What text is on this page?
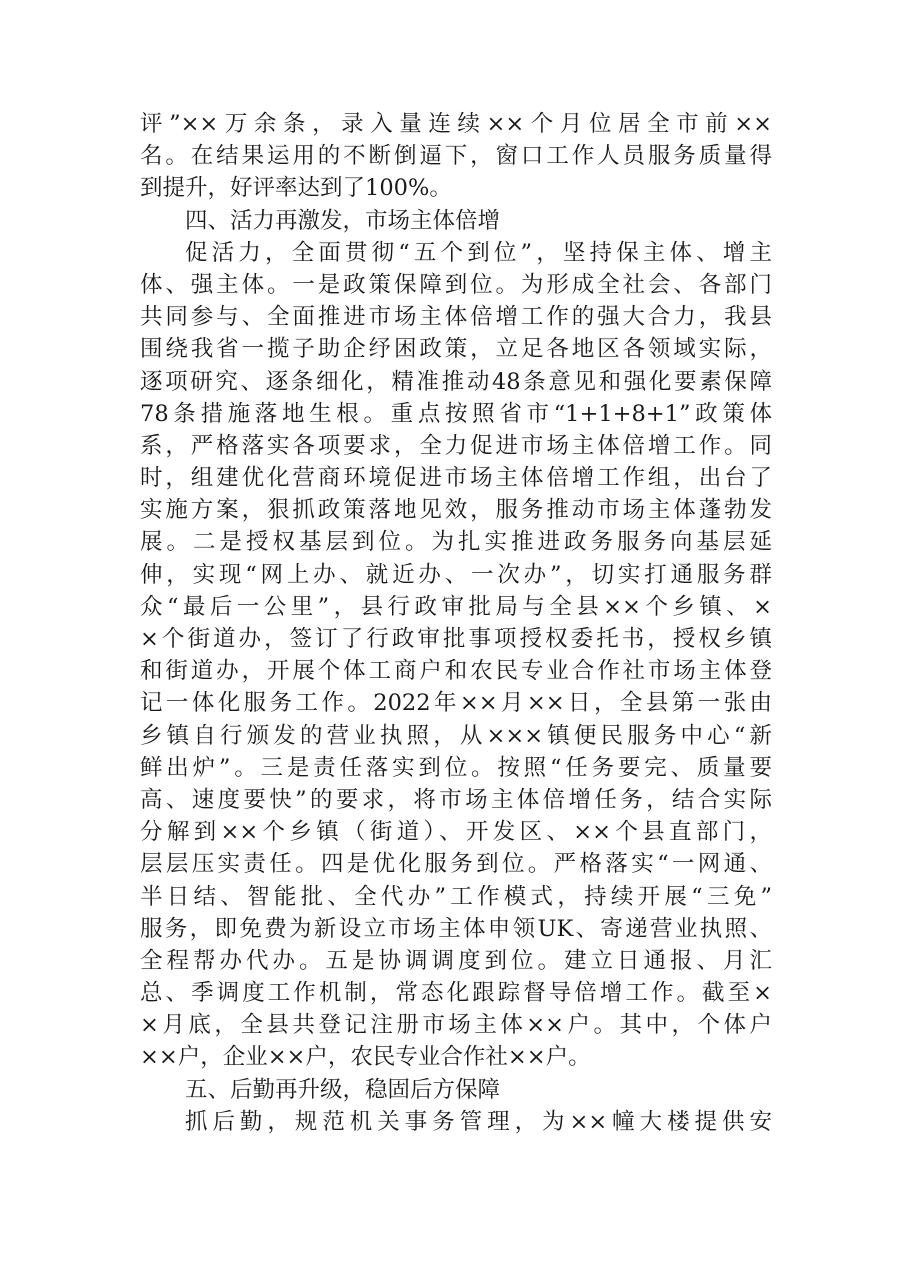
评”××万余条，录入量连续××个月位居全市前××
名。在结果运用的不断倒逼下，窗口工作人员服务质量得
到提升，好评率达到了100%。
四、活力再激发，市场主体倍增
促活力，全面贯彻“五个到位”，坚持保主体、增主
体、强主体。一是政策保障到位。为形成全社会、各部门
共同参与、全面推进市场主体倍增工作的强大合力，我县
围绕我省一揽子助企纾困政策，立足各地区各领域实际，
逐项研究、逐条细化，精准推动48条意见和强化要素保障
78条措施落地生根。重点按照省市“1+1+8+1”政策体
系，严格落实各项要求，全力促进市场主体倍增工作。同
时，组建优化营商环境促进市场主体倍增工作组，出台了
实施方案，狠抓政策落地见效，服务推动市场主体蓬勃发
展。二是授权基层到位。为扎实推进政务服务向基层延
伸，实现“网上办、就近办、一次办”，切实打通服务群
众“最后一公里”，县行政审批局与全县××个乡镇、×
×个街道办，签订了行政审批事项授权委托书，授权乡镇
和街道办，开展个体工商户和农民专业合作社市场主体登
记一体化服务工作。2022年××月××日，全县第一张由
乡镇自行颁发的营业执照，从×××镇便民服务中心“新
鲜出炉”。三是责任落实到位。按照“任务要完、质量要
高、速度要快”的要求，将市场主体倍增任务，结合实际
分解到××个乡镇（街道）、开发区、××个县直部门，
层层压实责任。四是优化服务到位。严格落实“一网通、
半日结、智能批、全代办”工作模式，持续开展“三免”
服务，即免费为新设立市场主体申领UK、寄递营业执照、
全程帮办代办。五是协调调度到位。建立日通报、月汇
总、季调度工作机制，常态化跟踪督导倍增工作。截至×
×月底，全县共登记注册市场主体××户。其中，个体户
××户，企业××户，农民专业合作社××户。
五、后勤再升级，稳固后方保障
抓后勤，规范机关事务管理，为××幢大楼提供安
